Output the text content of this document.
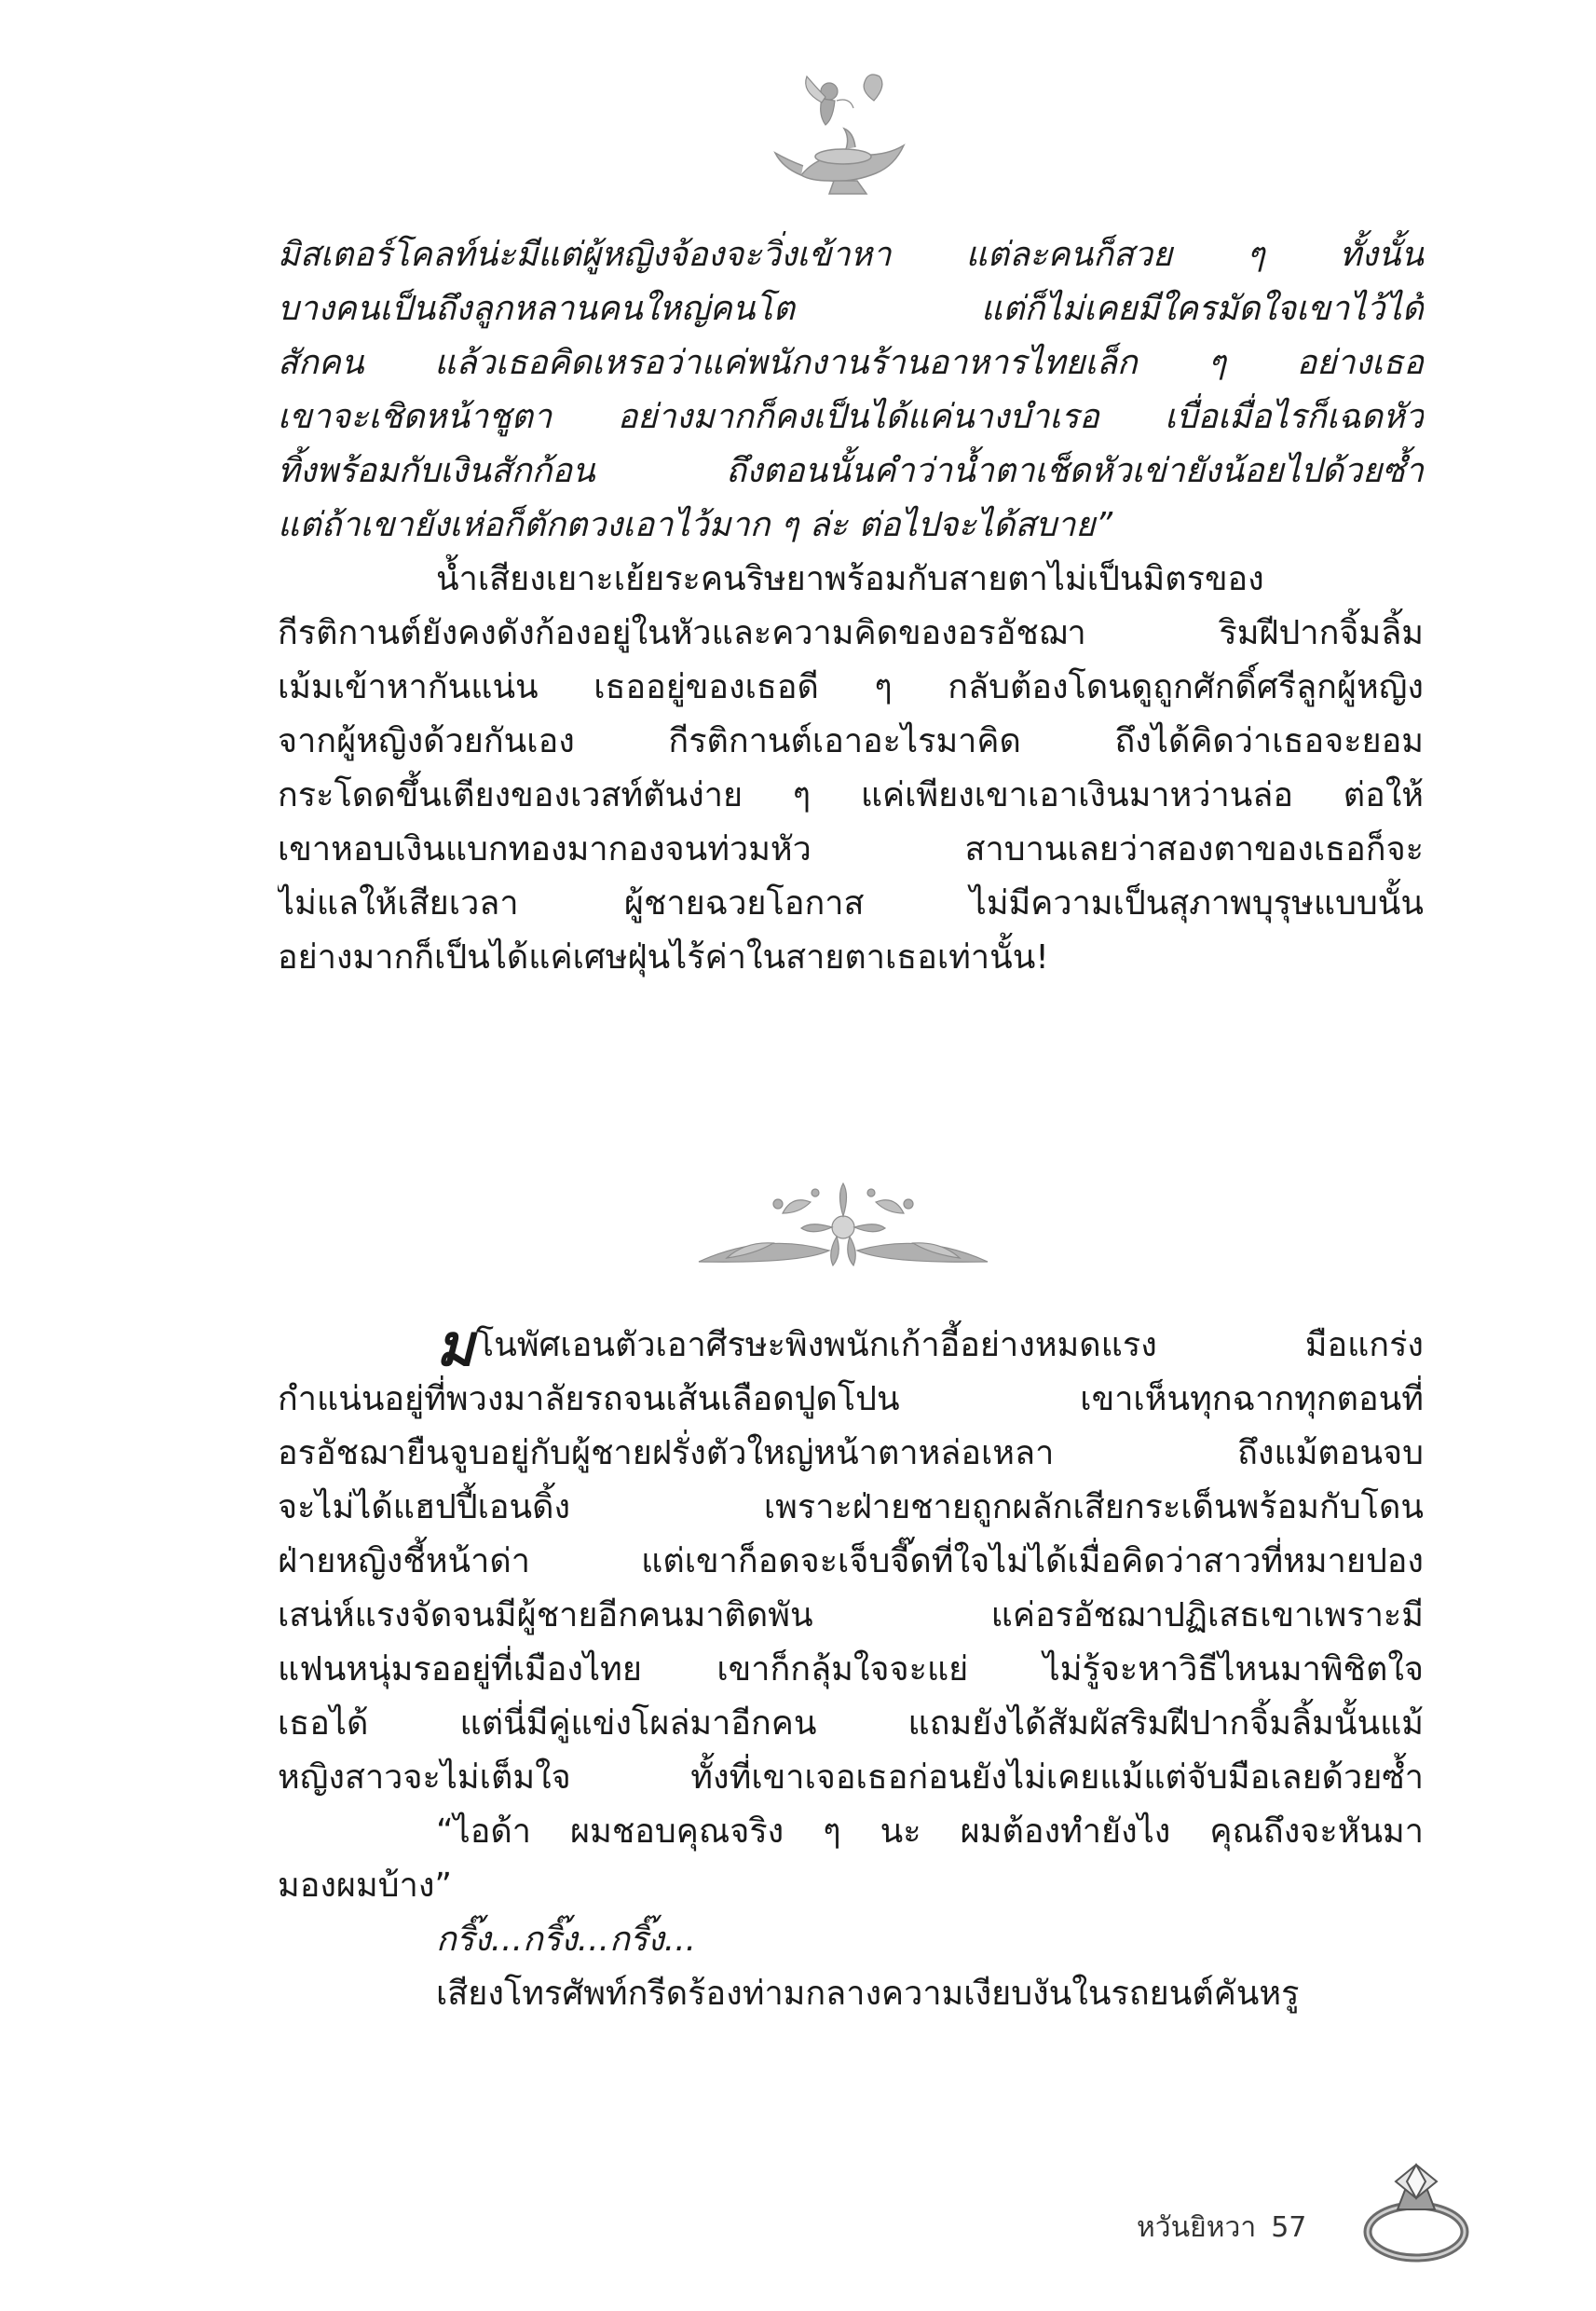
มิสเตอร์โคลท์น่ะมีแต่ผู้หญิงจ้องจะวิ่งเข้าหา แต่ละคนก็สวย ๆ ทั้งนั้น
บางคนเป็นถึงลูกหลานคนใหญ่คนโต แต่ก็ไม่เคยมีใครมัดใจเขาไว้ได้
สักคน แล้วเธอคิดเหรอว่าแค่พนักงานร้านอาหารไทยเล็ก ๆ อย่างเธอ
เขาจะเชิดหน้าชูตา อย่างมากก็คงเป็นได้แค่นางบำเรอ เบื่อเมื่อไรก็เฉดหัว
ทิ้งพร้อมกับเงินสักก้อน ถึงตอนนั้นคำว่าน้ำตาเช็ดหัวเข่ายังน้อยไปด้วยซ้ำ
แต่ถ้าเขายังเห่อก็ตักตวงเอาไว้มาก ๆ ล่ะ ต่อไปจะได้สบาย”
น้ำเสียงเยาะเย้ยระคนริษยาพร้อมกับสายตาไม่เป็นมิตรของ
กีรติกานต์ยังคงดังก้องอยู่ในหัวและความคิดของอรอัชฌา ริมฝีปากจิ้มลิ้ม
เม้มเข้าหากันแน่น เธออยู่ของเธอดี ๆ กลับต้องโดนดูถูกศักดิ์ศรีลูกผู้หญิง
จากผู้หญิงด้วยกันเอง กีรติกานต์เอาอะไรมาคิด ถึงได้คิดว่าเธอจะยอม
กระโดดขึ้นเตียงของเวสท์ตันง่าย ๆ แค่เพียงเขาเอาเงินมาหว่านล่อ ต่อให้
เขาหอบเงินแบกทองมากองจนท่วมหัว สาบานเลยว่าสองตาของเธอก็จะ
ไม่แลให้เสียเวลา ผู้ชายฉวยโอกาส ไม่มีความเป็นสุภาพบุรุษแบบนั้น
อย่างมากก็เป็นได้แค่เศษฝุ่นไร้ค่าในสายตาเธอเท่านั้น!
มโนพัศเอนตัวเอาศีรษะพิงพนักเก้าอี้อย่างหมดแรง มือแกร่ง
กำแน่นอยู่ที่พวงมาลัยรถจนเส้นเลือดปูดโปน เขาเห็นทุกฉากทุกตอนที่
อรอัชฌายืนจูบอยู่กับผู้ชายฝรั่งตัวใหญ่หน้าตาหล่อเหลา ถึงแม้ตอนจบ
จะไม่ได้แฮปปี้เอนดิ้ง เพราะฝ่ายชายถูกผลักเสียกระเด็นพร้อมกับโดน
ฝ่ายหญิงชี้หน้าด่า แต่เขาก็อดจะเจ็บจี๊ดที่ใจไม่ได้เมื่อคิดว่าสาวที่หมายปอง
เสน่ห์แรงจัดจนมีผู้ชายอีกคนมาติดพัน แค่อรอัชฌาปฏิเสธเขาเพราะมี
แฟนหนุ่มรออยู่ที่เมืองไทย เขาก็กลุ้มใจจะแย่ ไม่รู้จะหาวิธีไหนมาพิชิตใจ
เธอได้ แต่นี่มีคู่แข่งโผล่มาอีกคน แถมยังได้สัมผัสริมฝีปากจิ้มลิ้มนั้นแม้
หญิงสาวจะไม่เต็มใจ ทั้งที่เขาเจอเธอก่อนยังไม่เคยแม้แต่จับมือเลยด้วยซ้ำ
“ไอด้า ผมชอบคุณจริง ๆ นะ ผมต้องทำยังไง คุณถึงจะหันมา
มองผมบ้าง”
กริ๊ง...กริ๊ง...กริ๊ง...
เสียงโทรศัพท์กรีดร้องท่ามกลางความเงียบงันในรถยนต์คันหรู
หวันยิหวา 57
